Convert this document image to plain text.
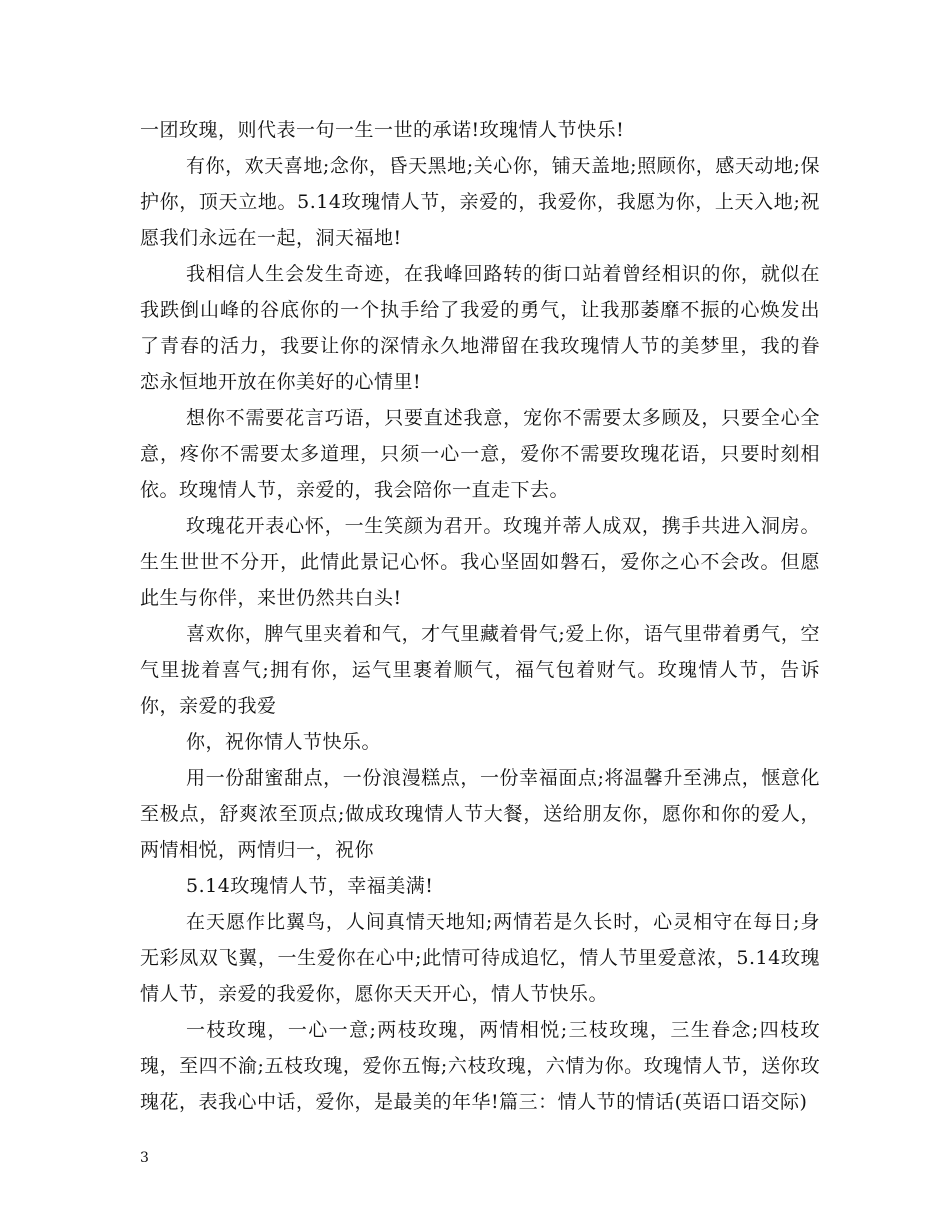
一团玫瑰，则代表一句一生一世的承诺!玫瑰情人节快乐!

有你，欢天喜地;念你，昏天黑地;关心你，铺天盖地;照顾你，感天动地;保护你，顶天立地。5.14玫瑰情人节，亲爱的，我爱你，我愿为你，上天入地;祝愿我们永远在一起，洞天福地!

我相信人生会发生奇迹，在我峰回路转的街口站着曾经相识的你，就似在我跌倒山峰的谷底你的一个执手给了我爱的勇气，让我那萎靡不振的心焕发出了青春的活力，我要让你的深情永久地滞留在我玫瑰情人节的美梦里，我的眷恋永恒地开放在你美好的心情里!

想你不需要花言巧语，只要直述我意，宠你不需要太多顾及，只要全心全意，疼你不需要太多道理，只须一心一意，爱你不需要玫瑰花语，只要时刻相依。玫瑰情人节，亲爱的，我会陪你一直走下去。

玫瑰花开表心怀，一生笑颜为君开。玫瑰并蒂人成双，携手共进入洞房。生生世世不分开，此情此景记心怀。我心坚固如磐石，爱你之心不会改。但愿此生与你伴，来世仍然共白头!

喜欢你，脾气里夹着和气，才气里藏着骨气;爱上你，语气里带着勇气，空气里拢着喜气;拥有你，运气里裹着顺气，福气包着财气。玫瑰情人节，告诉你，亲爱的我爱

你，祝你情人节快乐。

用一份甜蜜甜点，一份浪漫糕点，一份幸福面点;将温馨升至沸点，惬意化至极点，舒爽浓至顶点;做成玫瑰情人节大餐，送给朋友你，愿你和你的爱人，两情相悦，两情归一，祝你

5.14玫瑰情人节，幸福美满!

在天愿作比翼鸟，人间真情天地知;两情若是久长时，心灵相守在每日;身无彩凤双飞翼，一生爱你在心中;此情可待成追忆，情人节里爱意浓，5.14玫瑰情人节，亲爱的我爱你，愿你天天开心，情人节快乐。

一枝玫瑰，一心一意;两枝玫瑰，两情相悦;三枝玫瑰，三生眷念;四枝玫瑰，至四不渝;五枝玫瑰，爱你五悔;六枝玫瑰，六情为你。玫瑰情人节，送你玫瑰花，表我心中话，爱你，是最美的年华!篇三：情人节的情话(英语口语交际)

3
